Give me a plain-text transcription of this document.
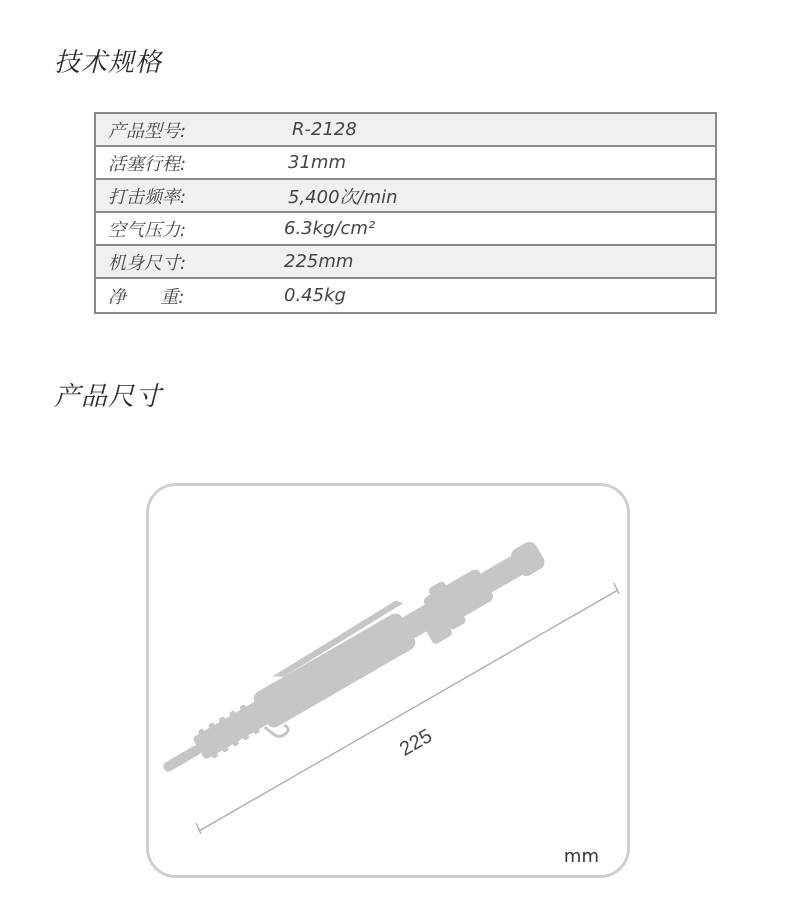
技术规格
产品型号:	R-2128
活塞行程:	31mm
打击频率:	5,400次/min
空气压力:	6.3kg/cm²
机身尺寸:	225mm
净      重:	0.45kg
产品尺寸
225
mm
